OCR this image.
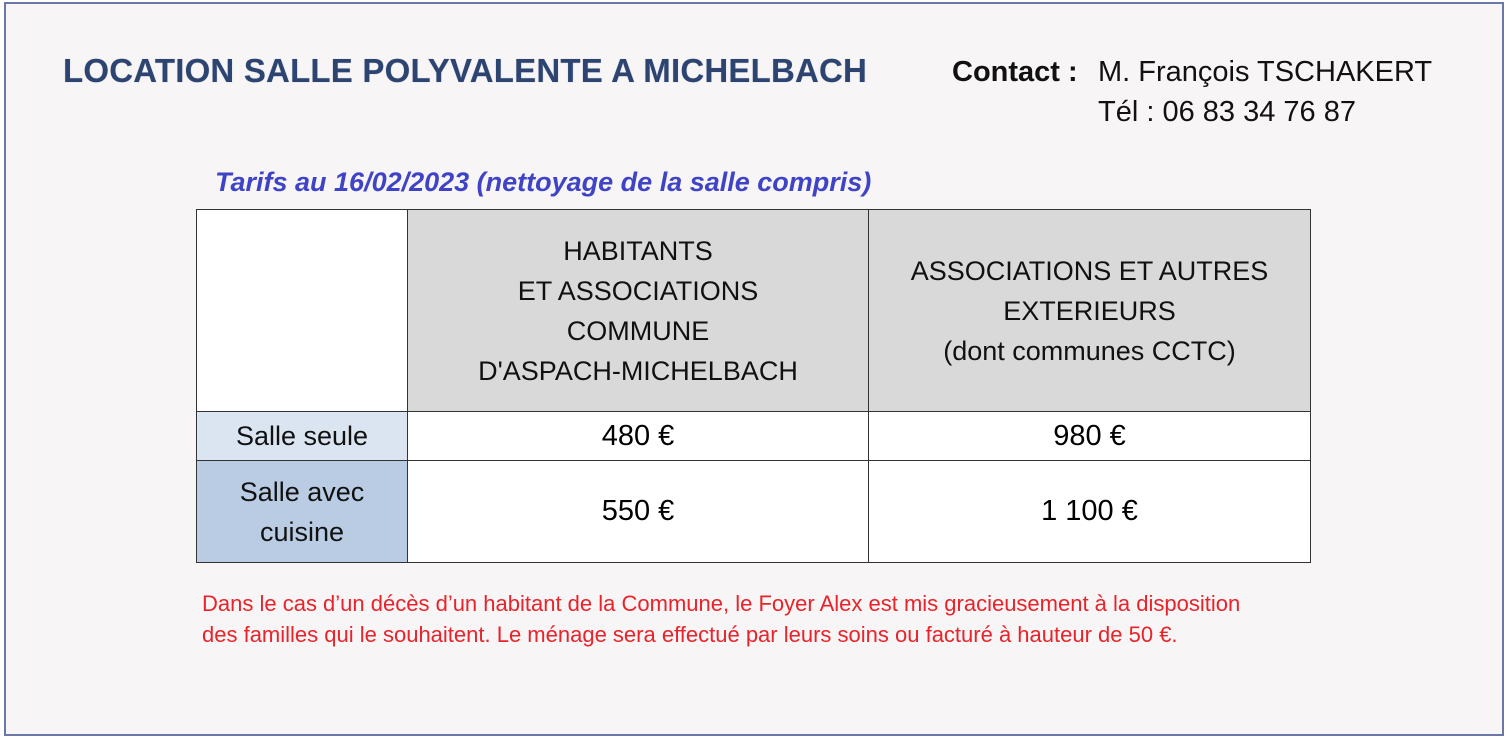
LOCATION SALLE POLYVALENTE A MICHELBACH	Contact : M. François TSCHAKERT
Tél : 06 83 34 76 87
Tarifs au 16/02/2023 (nettoyage de la salle compris)
Dans le cas d’un décès d’un habitant de la Commune, le Foyer Alex est mis gracieusement à la disposition
des familles qui le souhaitent. Le ménage sera effectué par leurs soins ou facturé à hauteur de 50 €.

	HABITANTS
ET ASSOCIATIONS
COMMUNE
D'ASPACH-MICHELBACH	ASSOCIATIONS ET AUTRES
EXTERIEURS
(dont communes CCTC)

Salle seule	480 €	980 €

Salle avec
cuisine	550 €	1 100 €
